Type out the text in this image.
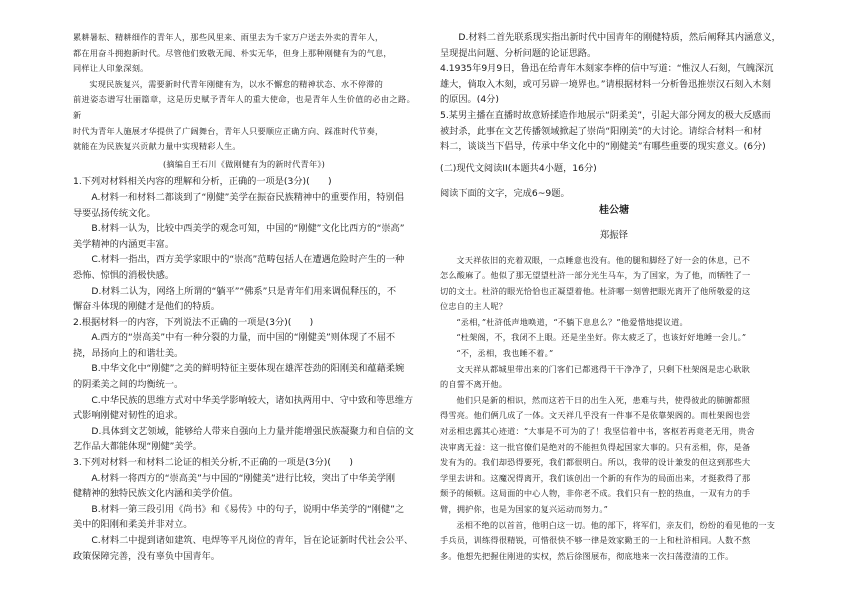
累耕暑耘、精耕细作的青年人，那些风里来、雨里去为千家万户送去外卖的青年人，

都在用奋斗拥抱新时代。尽管他们致敬无闻、朴实无华，但身上那种刚健有为的气息，

同样让人印象深刻。

实现民族复兴，需要新时代青年刚健有为，以水不懈怠的精神状态、水不停滞的

前进姿态谱写壮丽篇章，这是历史赋予青年人的重大使命，也是青年人生价值的必由之路。新

时代为青年人施展才华提供了广阔舞台，青年人只要顺应正确方向、踩准时代节奏，

就能在为民族复兴贡献力量中实现精彩人生。

(摘编自王石川《做刚健有为的新时代青年》)

1.下列对材料相关内容的理解和分析，正确的一项是(3分)(　　)

A.材料一和材料二都谈到了“刚健”美学在振奋民族精神中的重要作用，特别倡

导要弘扬传统文化。

B.材料一认为，比较中西美学的观念可知，中国的“刚健”文化比西方的“崇高”

美学精神的内涵更丰富。

C.材料一指出，西方美学家眼中的“崇高”范畴包括人在遭遇危险时产生的一种

恐怖、惊惧的消极快感。

D.材料二认为，网络上所谓的“躺平”“佛系”只是青年们用来调侃释压的，不

懈奋斗体现的刚健才是他们的特质。

2.根据材料一的内容，下列说法不正确的一项是(3分)(　　)

A.西方的“崇高美”中有一种分裂的力量，而中国的“刚健美”则体现了不屈不

挠，昂扬向上的和谐壮美。

B.中华文化中“刚健”之美的鲜明特征主要体现在雄浑苍劲的阳刚美和蕴藉柔婉

的阴柔美之间的均衡统一。

C.中华民族的思维方式对中华美学影响较大，诸如执两用中、守中致和等思维方

式影响刚健对韧性的追求。

D.具体到文艺领域，能够给人带来自强向上力量并能增强民族凝聚力和自信的文

艺作品大都能体现“刚健”美学。

3.下列对材料一和材料二论证的相关分析,不正确的一项是(3分)(　　)

A.材料一将西方的“崇高美”与中国的“刚健美”进行比较，突出了中华美学刚

健精神的独特民族文化内涵和美学价值。

B.材料一第三段引用《尚书》和《易传》中的句子，说明中华美学的“刚健”之

美中的阳刚和柔美并非对立。

C.材料二中提到诸如建筑、电焊等平凡岗位的青年，旨在论证新时代社会公平、

政策保障完善，没有辜负中国青年。

D.材料二首先联系现实指出新时代中国青年的刚健特质，然后阐释其内涵意义，

呈现提出问题、分析问题的论证思路。

4.1935年9月9日，鲁迅在给青年木刻家李桦的信中写道：“惟汉人石刻，气魄深沉

雄大，倘取入木刻，或可另辟一境界也。”请根据材料一分析鲁迅推崇汉石刻入木刻

的原因。(4分)

5.某男主播在直播时故意矫揉造作地展示“阴柔美”，引起大部分网友的极大反感而

被封杀，此事在文艺传播领域掀起了崇尚“阳刚美”的大讨论。请综合材料一和材

料二，谈谈当下倡导，传承中华文化中的“刚健美”有哪些重要的现实意义。(6分)

(二)现代文阅读II(本题共4小题，16分)

阅读下面的文字，完成6~9题。

桂公塘

郑振铎

文天祥依旧的充着双眼，一点睡意也没有。他的腿和脚经了好一会的休息，已不

怎么酸麻了。他似了那无望望杜浒一部分光生马车，为了国家，为了他，而牺牲了一

切的文士。杜浒的眼光恰恰也正凝望着他。杜浒哪一刻曾把眼光离开了他所敬爱的这

位忠自的主人呢？

“丞相，”杜浒低声地唤道，“不躺下息息么？”他爱惜地提议道。

“杜架阁，不，我闭不上眼。还是坐坐好。你太疲乏了，也该好好地睡一会儿。”

“不，丞相，我也睡不着。”

文天祥从都城里带出来的门客们已都逃得干干净净了，只剩下杜架阁是忠心耿耿

的自誓不离开他。

他们只是新的相识，然而这若干日的出生入死，患难与共，使得彼此的肺腑都照

得雪亮。他们俩几成了一体。文天祥几乎没有一件事不是依靠架阁的。而杜架阁也尝

对丞相忠露其心迹道：“大事是不可为的了！我坚信着中书，客枢若再竟老无用，贵舍

决审离无益：这一批官僚们是绝对的不能担负得起国家大事的。只有丞相，你，是备

发有为的。我们却恐得要死，我们都很明白。所以，我带的设计兼发的但这到那些大

学里去讲和。这魔况得离开，我们该创出一个新的有作为的局面出来，才挺救得了那

颓予的倾顿。这局面的中心人物，非你老不成。我们只有一腔的热血，一双有力的手

臂，拥护你，也是为国家的复兴运动而努力。”

丞相不绝的以首首，他明白这一切。他的部下，将军们，亲友们，纷纷的看见他的一支

手兵员，训练得很精锐，可惜很快不够一律是效家勤王的一上和杜浒相同。人数不熬

多。他想先把握住刚进的实权，然后徐图展布，彻底地来一次扫荡澄清的工作。
